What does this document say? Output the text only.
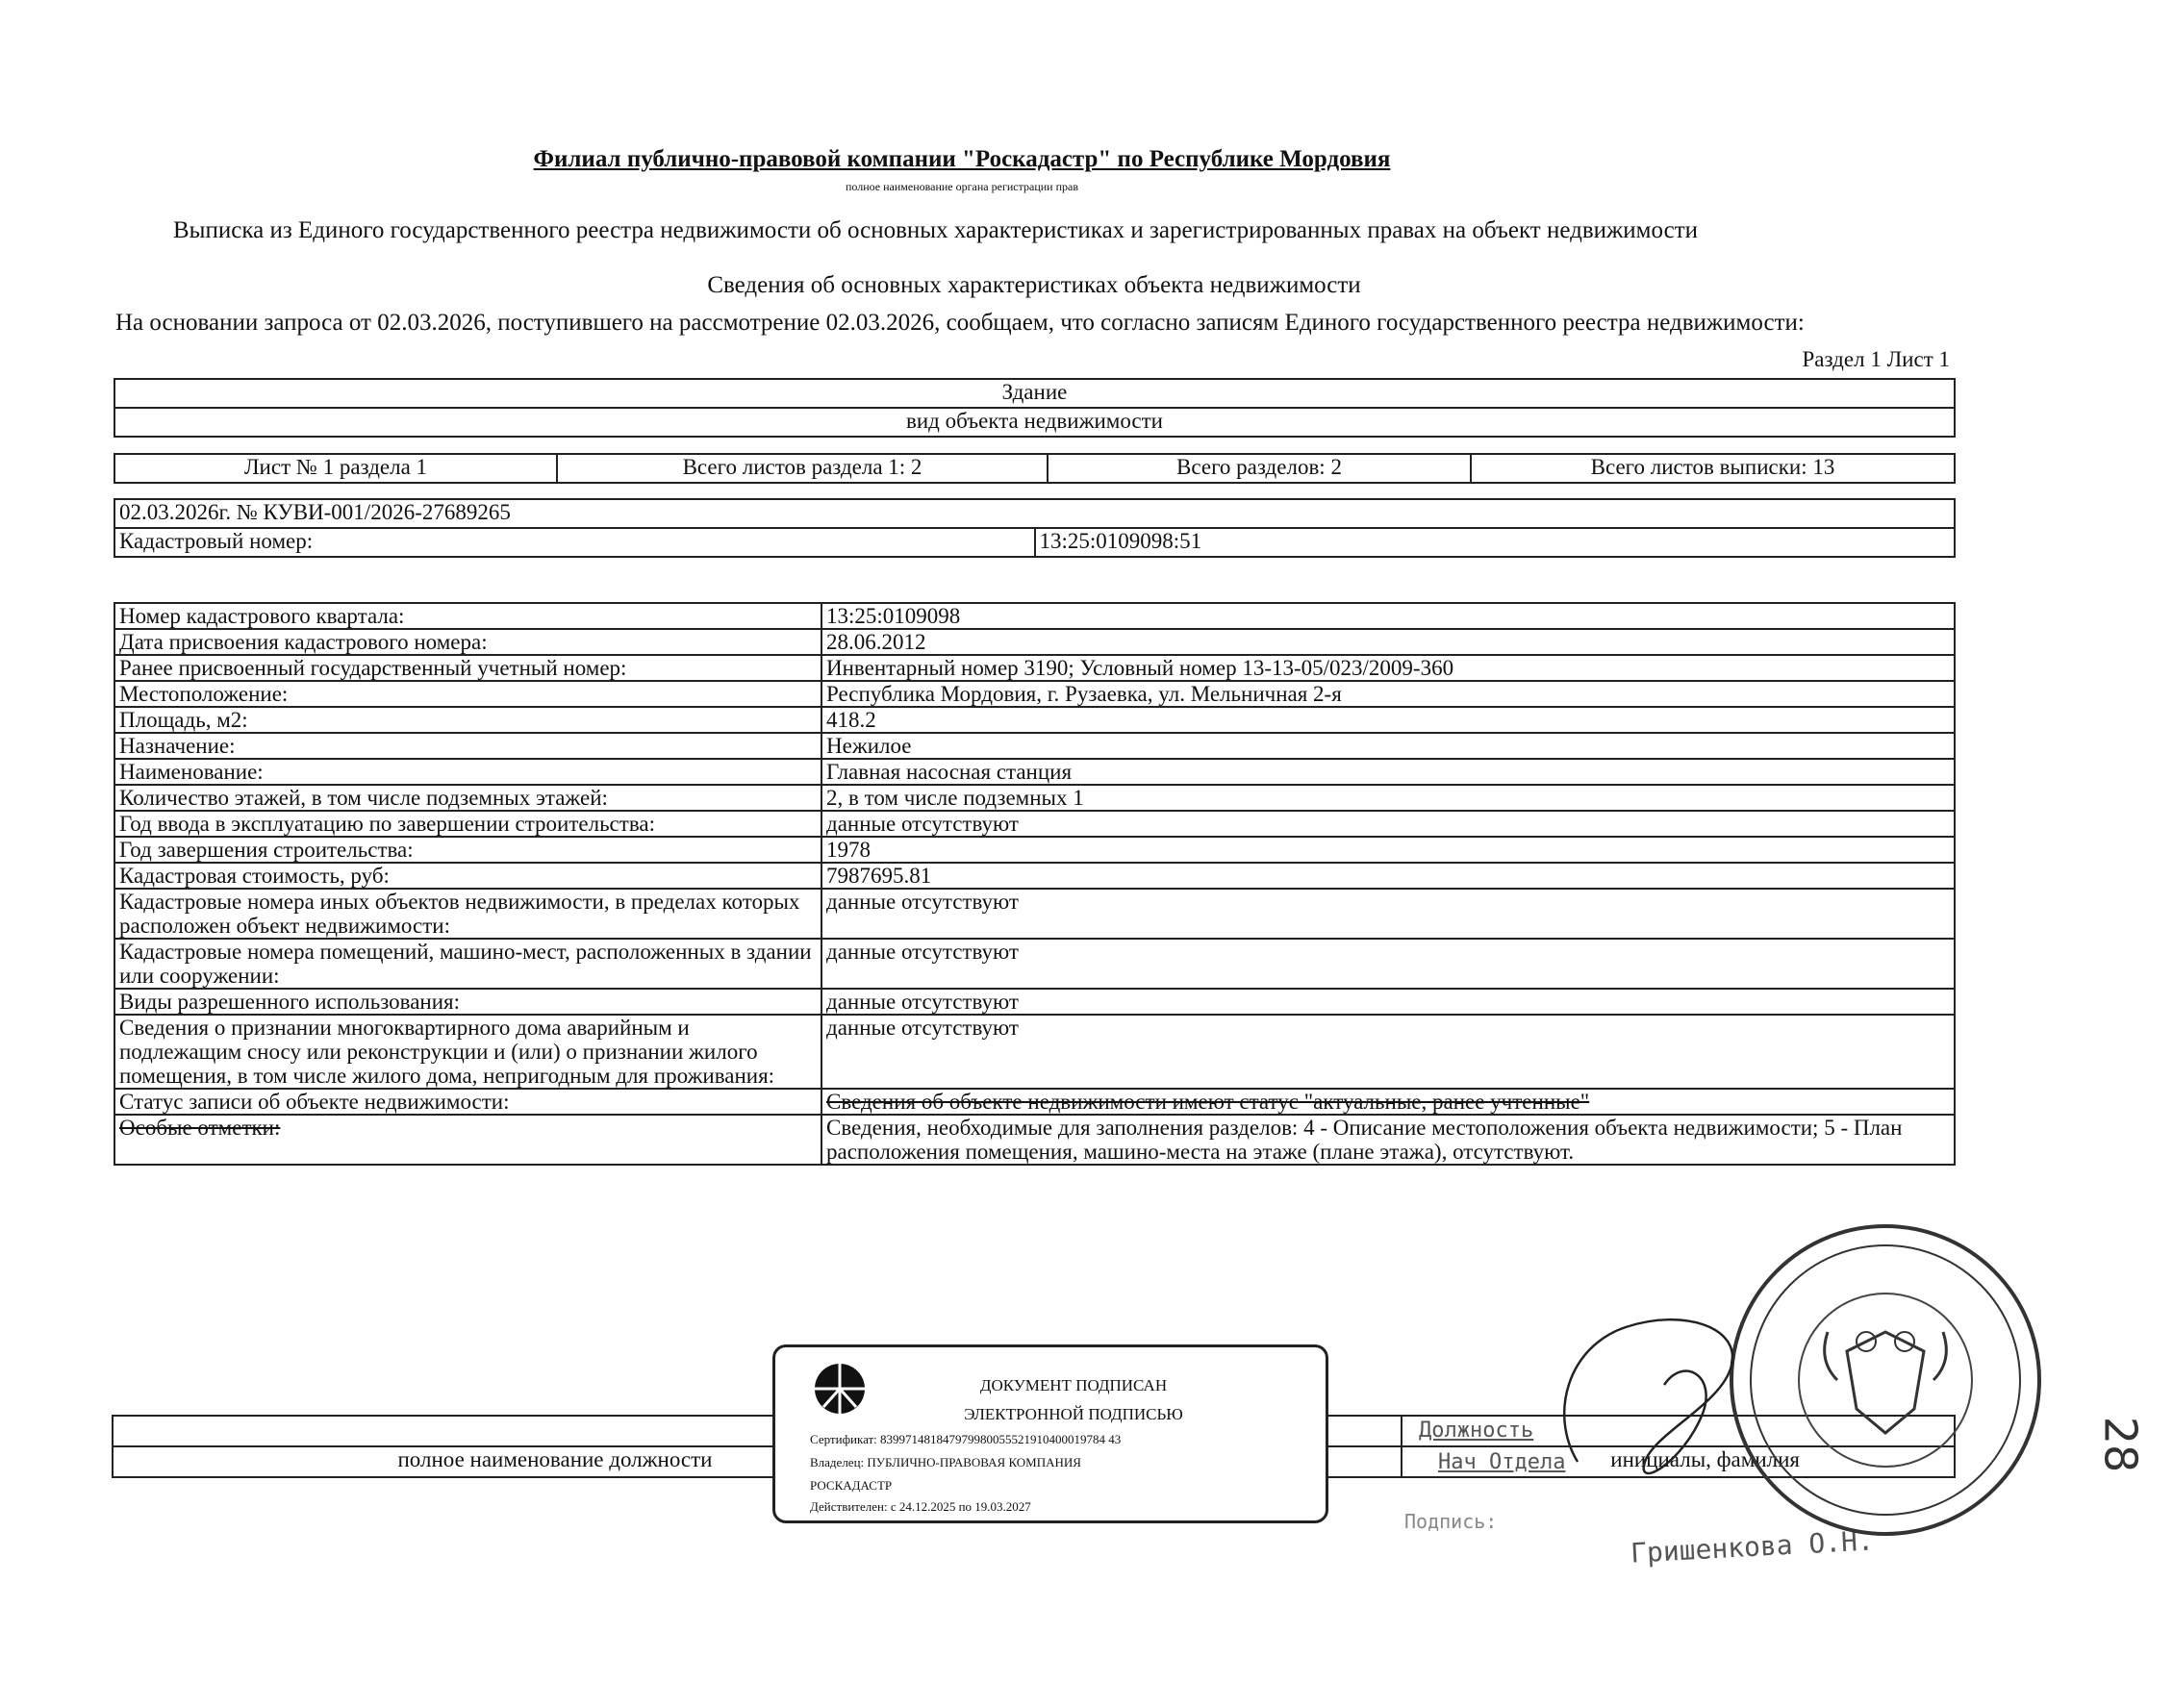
Филиал публично-правовой компании "Роскадастр" по Республике Мордовия
полное наименование органа регистрации прав
Выписка из Единого государственного реестра недвижимости об основных характеристиках и зарегистрированных правах на объект недвижимости
Сведения об основных характеристиках объекта недвижимости
На основании запроса от 02.03.2026, поступившего на рассмотрение 02.03.2026, сообщаем, что согласно записям Единого государственного реестра недвижимости:
Раздел 1 Лист 1
Здание
вид объекта недвижимости
Лист № 1 раздела 1	Всего листов раздела 1: 2	Всего разделов: 2	Всего листов выписки: 13
02.03.2026г. № КУВИ-001/2026-27689265
Кадастровый номер:	13:25:0109098:51
Номер кадастрового квартала:	13:25:0109098
Дата присвоения кадастрового номера:	28.06.2012
Ранее присвоенный государственный учетный номер:	Инвентарный номер 3190; Условный номер 13-13-05/023/2009-360
Местоположение:	Республика Мордовия, г. Рузаевка, ул. Мельничная 2-я
Площадь, м2:	418.2
Назначение:	Нежилое
Наименование:	Главная насосная станция
Количество этажей, в том числе подземных этажей:	2, в том числе подземных 1
Год ввода в эксплуатацию по завершении строительства:	данные отсутствуют
Год завершения строительства:	1978
Кадастровая стоимость, руб:	7987695.81
Кадастровые номера иных объектов недвижимости, в пределах которых расположен объект недвижимости:	данные отсутствуют
Кадастровые номера помещений, машино-мест, расположенных в здании или сооружении:	данные отсутствуют
Виды разрешенного использования:	данные отсутствуют
Сведения о признании многоквартирного дома аварийным и подлежащим сносу или реконструкции и (или) о признании жилого помещения, в том числе жилого дома, непригодным для проживания:	данные отсутствуют
Статус записи об объекте недвижимости:	Сведения об объекте недвижимости имеют статус "актуальные, ранее учтенные"
Особые отметки:	Сведения, необходимые для заполнения разделов: 4 - Описание местоположения объекта недвижимости; 5 - План расположения помещения, машино-места на этаже (плане этажа), отсутствуют.

полное наименование должности	инициалы, фамилия
Должность
Нач Отдела
Подпись:
Гришенкова О.Н.
ДОКУМЕНТ ПОДПИСАН
ЭЛЕКТРОННОЙ ПОДПИСЬЮ
Сертификат: 839971481847979980055521910400019784 43
Владелец: ПУБЛИЧНО-ПРАВОВАЯ КОМПАНИЯ
РОСКАДАСТР
Действителен: с 24.12.2025 по 19.03.2027
28
